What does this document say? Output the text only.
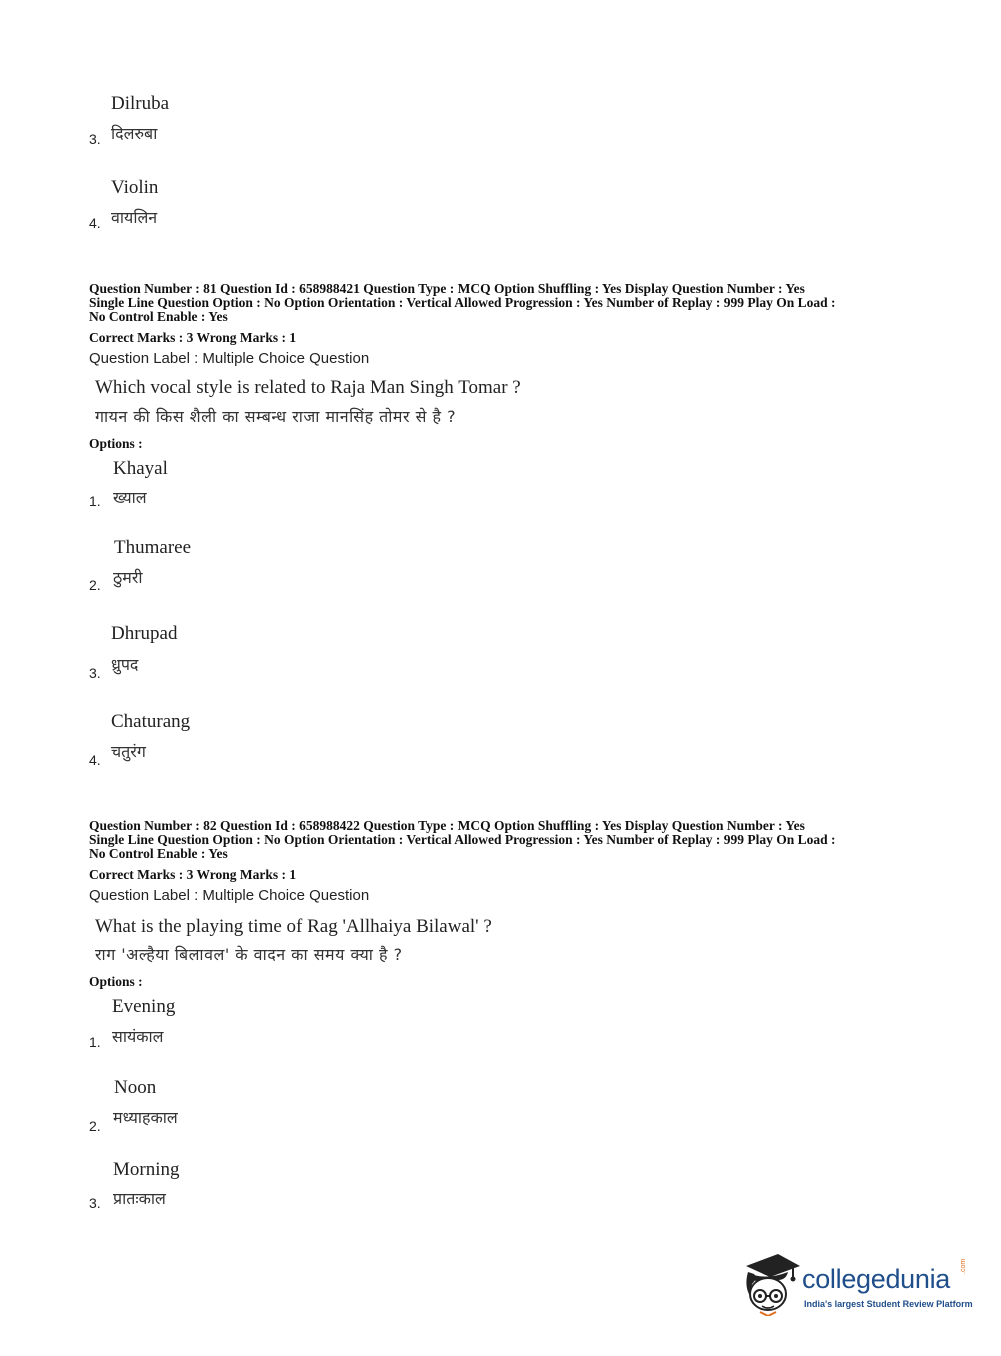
Dilruba
3. दिलरुबा
Violin
4. वायलिन
Question Number : 81 Question Id : 658988421 Question Type : MCQ Option Shuffling : Yes Display Question Number : Yes
Single Line Question Option : No Option Orientation : Vertical Allowed Progression : Yes Number of Replay : 999 Play On Load :
No Control Enable : Yes
Correct Marks : 3 Wrong Marks : 1
Question Label : Multiple Choice Question
Which vocal style is related to Raja Man Singh Tomar ?
गायन की किस शैली का सम्बन्ध राजा मानसिंह तोमर से है ?
Options :
Khayal
1. ख्याल
Thumaree
2. ठुमरी
Dhrupad
3. ध्रुपद
Chaturang
4. चतुरंग
Question Number : 82 Question Id : 658988422 Question Type : MCQ Option Shuffling : Yes Display Question Number : Yes
Single Line Question Option : No Option Orientation : Vertical Allowed Progression : Yes Number of Replay : 999 Play On Load :
No Control Enable : Yes
Correct Marks : 3 Wrong Marks : 1
Question Label : Multiple Choice Question
What is the playing time of Rag 'Allhaiya Bilawal' ?
राग 'अल्हैया बिलावल' के वादन का समय क्या है ?
Options :
Evening
1. सायंकाल
Noon
2. मध्याहकाल
Morning
3. प्रातःकाल
collegedunia .com
India's largest Student Review Platform
